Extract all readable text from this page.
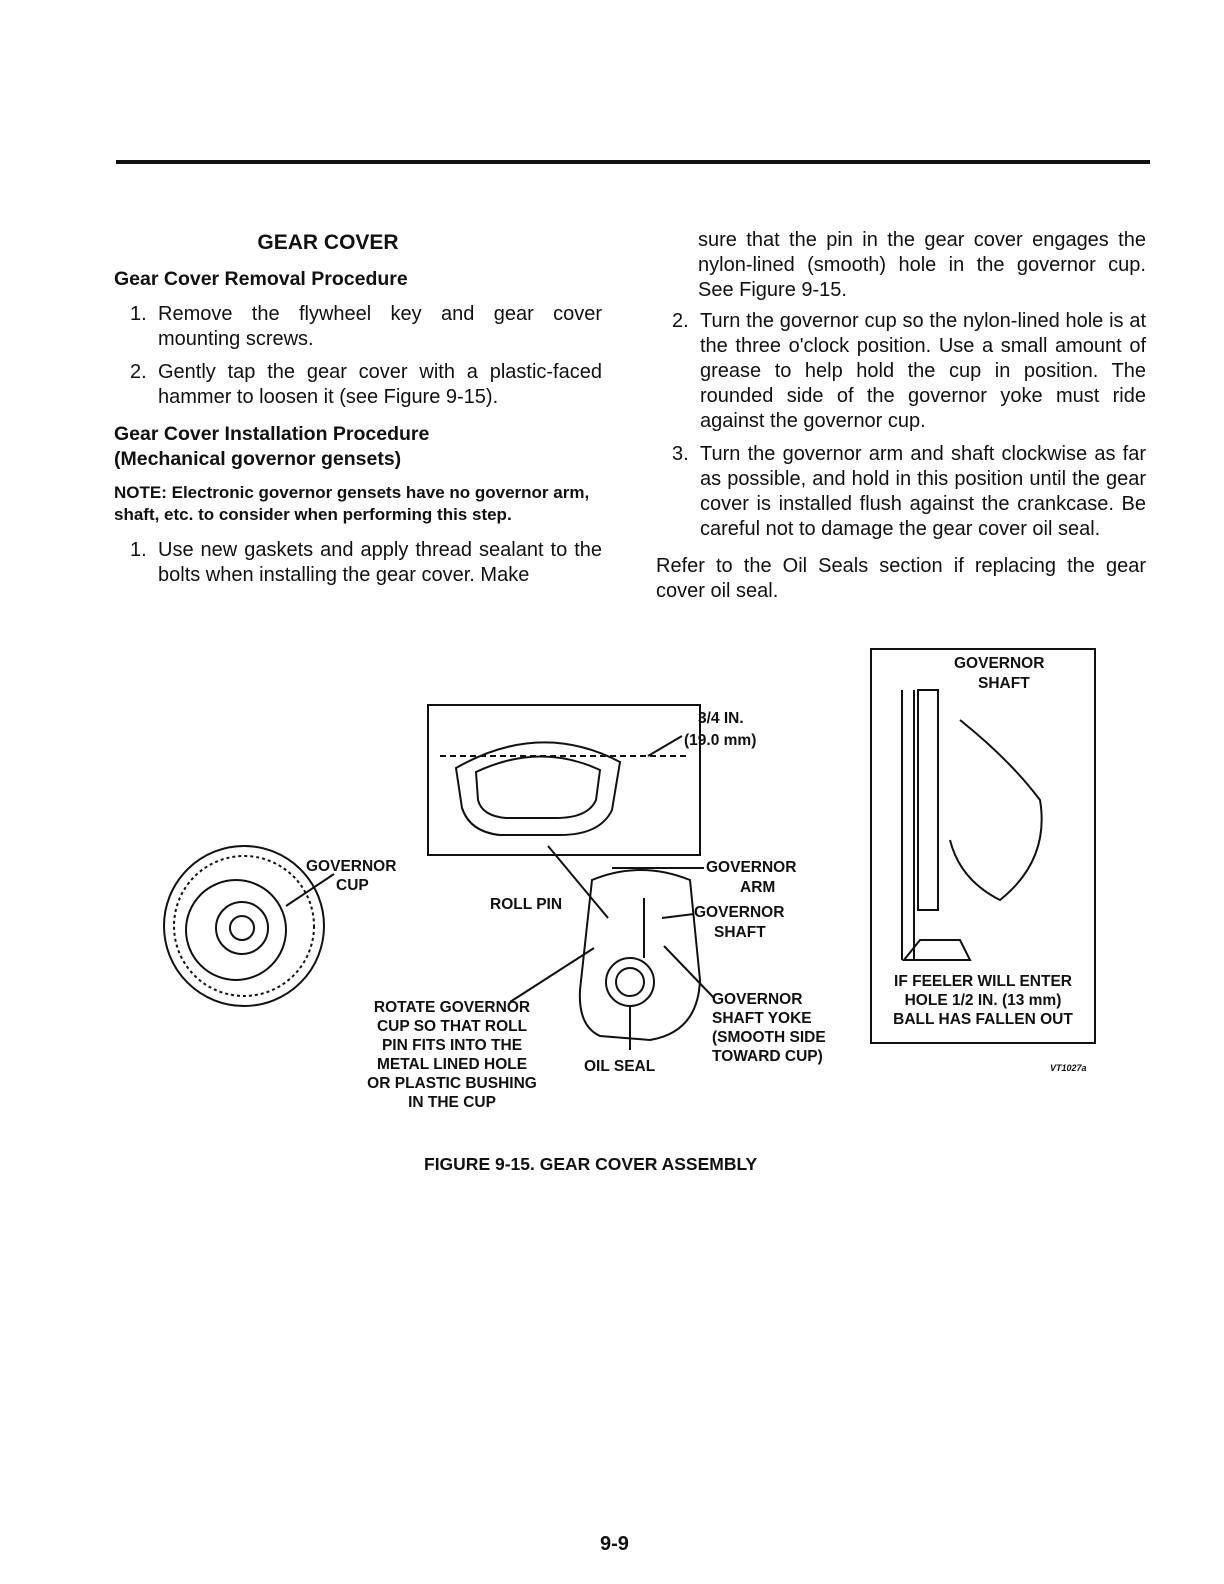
GEAR COVER
Gear Cover Removal Procedure
1. Remove the flywheel key and gear cover mounting screws.
2. Gently tap the gear cover with a plastic-faced hammer to loosen it (see Figure 9-15).
Gear Cover Installation Procedure
(Mechanical governor gensets)

NOTE: Electronic governor gensets have no governor arm, shaft, etc. to consider when performing this step.

1. Use new gaskets and apply thread sealant to the bolts when installing the gear cover. Make

sure that the pin in the gear cover engages the nylon-lined (smooth) hole in the governor cup. See Figure 9-15.

2. Turn the governor cup so the nylon-lined hole is at the three o'clock position. Use a small amount of grease to help hold the cup in position. The rounded side of the governor yoke must ride against the governor cup.
3. Turn the governor arm and shaft clockwise as far as possible, and hold in this position until the gear cover is installed flush against the crankcase. Be careful not to damage the gear cover oil seal.

Refer to the Oil Seals section if replacing the gear cover oil seal.

3/4 IN.
(19.0 mm)
GOVERNOR
CUP
ROLL PIN
GOVERNOR
ARM
GOVERNOR
SHAFT
ROTATE GOVERNOR
CUP SO THAT ROLL
PIN FITS INTO THE
METAL LINED HOLE
OR PLASTIC BUSHING
IN THE CUP
OIL SEAL
GOVERNOR
SHAFT YOKE
(SMOOTH SIDE
TOWARD CUP)
GOVERNOR
SHAFT
IF FEELER WILL ENTER
HOLE 1/2 IN. (13 mm)
BALL HAS FALLEN OUT
VT1027a
FIGURE 9-15. GEAR COVER ASSEMBLY
9-9
